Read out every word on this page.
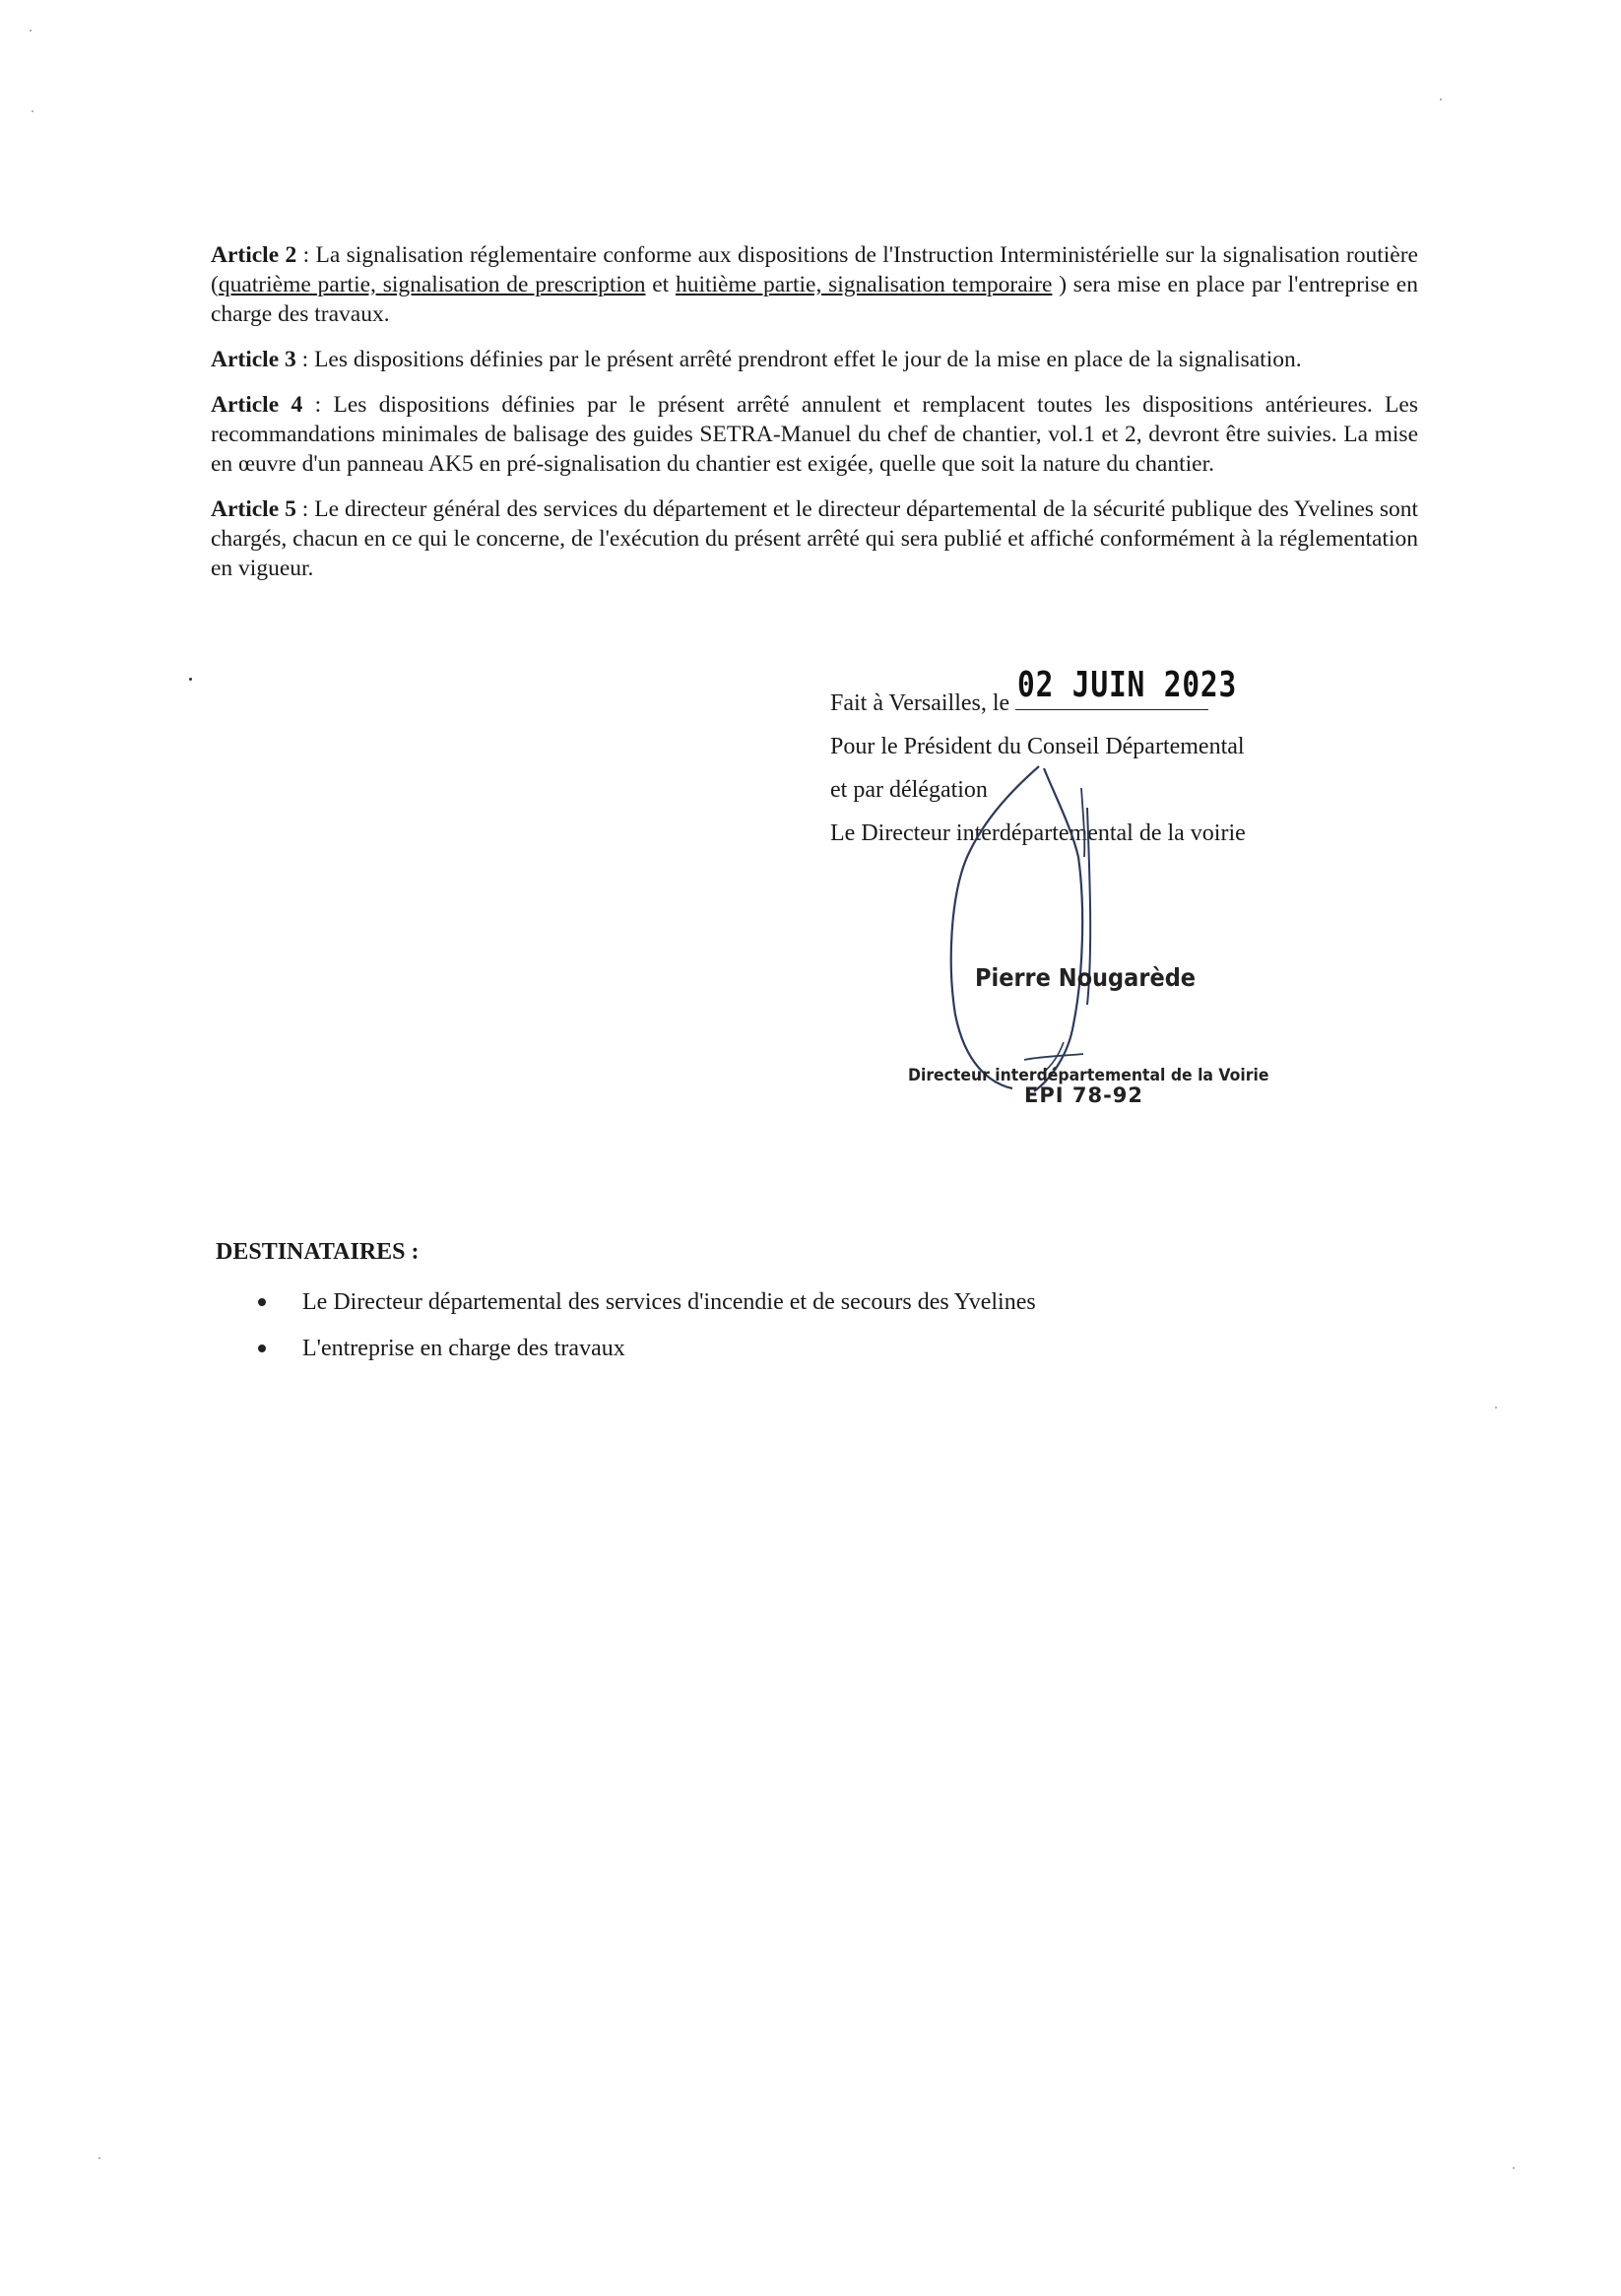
Article 2 : La signalisation réglementaire conforme aux dispositions de l'Instruction Interministérielle sur la signalisation routière (quatrième partie, signalisation de prescription et huitième partie, signalisation temporaire ) sera mise en place par l'entreprise en charge des travaux.

Article 3 : Les dispositions définies par le présent arrêté prendront effet le jour de la mise en place de la signalisation.

Article 4 : Les dispositions définies par le présent arrêté annulent et remplacent toutes les dispositions antérieures. Les recommandations minimales de balisage des guides SETRA-Manuel du chef de chantier, vol.1 et 2, devront être suivies. La mise en œuvre d'un panneau AK5 en pré-signalisation du chantier est exigée, quelle que soit la nature du chantier.

Article 5 : Le directeur général des services du département et le directeur départemental de la sécurité publique des Yvelines sont chargés, chacun en ce qui le concerne, de l'exécution du présent arrêté qui sera publié et affiché conformément à la réglementation en vigueur.

Fait à Versailles, le 02 JUIN 2023
Pour le Président du Conseil Départemental
et par délégation
Le Directeur interdépartemental de la voirie
Pierre Nougarède
Directeur interdépartemental de la Voirie
EPI 78-92
DESTINATAIRES :
Le Directeur départemental des services d'incendie et de secours des Yvelines
L'entreprise en charge des travaux
